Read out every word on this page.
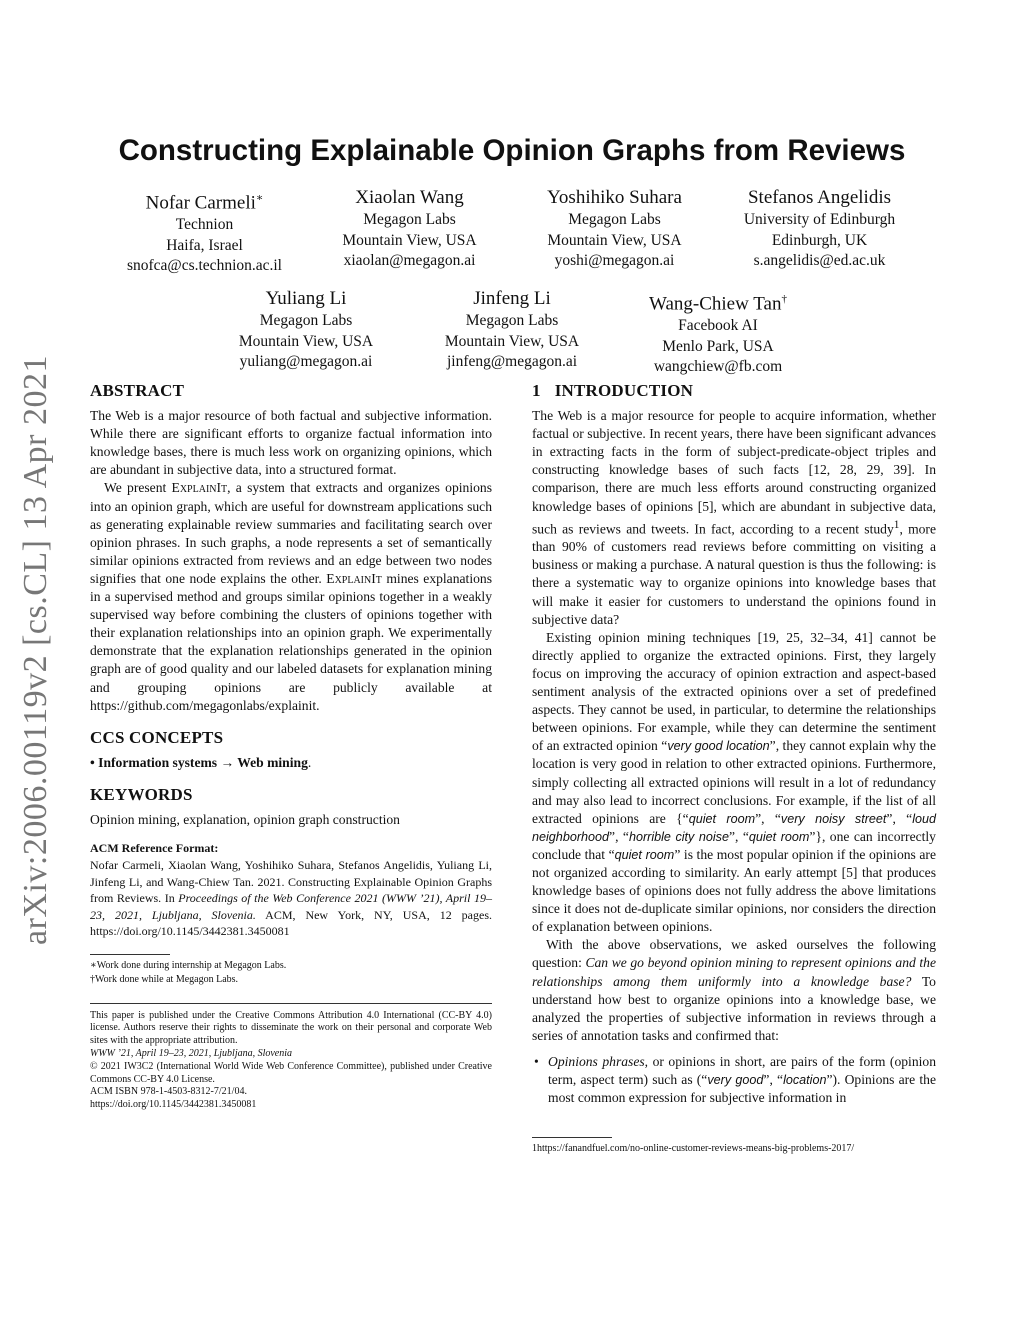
arXiv:2006.00119v2 [cs.CL] 13 Apr 2021
Constructing Explainable Opinion Graphs from Reviews
Nofar Carmeli∗
Technion
Haifa, Israel
snofca@cs.technion.ac.il
Xiaolan Wang
Megagon Labs
Mountain View, USA
xiaolan@megagon.ai
Yoshihiko Suhara
Megagon Labs
Mountain View, USA
yoshi@megagon.ai
Stefanos Angelidis
University of Edinburgh
Edinburgh, UK
s.angelidis@ed.ac.uk
Yuliang Li
Megagon Labs
Mountain View, USA
yuliang@megagon.ai
Jinfeng Li
Megagon Labs
Mountain View, USA
jinfeng@megagon.ai
Wang-Chiew Tan†
Facebook AI
Menlo Park, USA
wangchiew@fb.com
ABSTRACT

The Web is a major resource of both factual and subjective information. While there are significant efforts to organize factual information into knowledge bases, there is much less work on organizing opinions, which are abundant in subjective data, into a structured format.

We present ExplainIt, a system that extracts and organizes opinions into an opinion graph, which are useful for downstream applications such as generating explainable review summaries and facilitating search over opinion phrases. In such graphs, a node represents a set of semantically similar opinions extracted from reviews and an edge between two nodes signifies that one node explains the other. ExplainIt mines explanations in a supervised method and groups similar opinions together in a weakly supervised way before combining the clusters of opinions together with their explanation relationships into an opinion graph. We experimentally demonstrate that the explanation relationships generated in the opinion graph are of good quality and our labeled datasets for explanation mining and grouping opinions are publicly available at https://github.com/megagonlabs/explainit.

CCS CONCEPTS

• Information systems → Web mining.

KEYWORDS

Opinion mining, explanation, opinion graph construction

ACM Reference Format:

Nofar Carmeli, Xiaolan Wang, Yoshihiko Suhara, Stefanos Angelidis, Yuliang Li, Jinfeng Li, and Wang-Chiew Tan. 2021. Constructing Explainable Opinion Graphs from Reviews. In Proceedings of the Web Conference 2021 (WWW ’21), April 19–23, 2021, Ljubljana, Slovenia. ACM, New York, NY, USA, 12 pages. https://doi.org/10.1145/3442381.3450081

∗Work done during internship at Megagon Labs.
†Work done while at Megagon Labs.
This paper is published under the Creative Commons Attribution 4.0 International (CC-BY 4.0) license. Authors reserve their rights to disseminate the work on their personal and corporate Web sites with the appropriate attribution.
WWW ’21, April 19–23, 2021, Ljubljana, Slovenia
© 2021 IW3C2 (International World Wide Web Conference Committee), published under Creative Commons CC-BY 4.0 License.
ACM ISBN 978-1-4503-8312-7/21/04.
https://doi.org/10.1145/3442381.3450081
1 INTRODUCTION

The Web is a major resource for people to acquire information, whether factual or subjective. In recent years, there have been significant advances in extracting facts in the form of subject-predicate-object triples and constructing knowledge bases of such facts [12, 28, 29, 39]. In comparison, there are much less efforts around constructing organized knowledge bases of opinions [5], which are abundant in subjective data, such as reviews and tweets. In fact, according to a recent study$^1$, more than 90% of customers read reviews before committing on visiting a business or making a purchase. A natural question is thus the following: is there a systematic way to organize opinions into knowledge bases that will make it easier for customers to understand the opinions found in subjective data?

Existing opinion mining techniques [19, 25, 32–34, 41] cannot be directly applied to organize the extracted opinions. First, they largely focus on improving the accuracy of opinion extraction and aspect-based sentiment analysis of the extracted opinions over a set of predefined aspects. They cannot be used, in particular, to determine the relationships between opinions. For example, while they can determine the sentiment of an extracted opinion “very good location”, they cannot explain why the location is very good in relation to other extracted opinions. Furthermore, simply collecting all extracted opinions will result in a lot of redundancy and may also lead to incorrect conclusions. For example, if the list of all extracted opinions are {“quiet room”, “very noisy street”, “loud neighborhood”, “horrible city noise”, “quiet room”}, one can incorrectly conclude that “quiet room” is the most popular opinion if the opinions are not organized according to similarity. An early attempt [5] that produces knowledge bases of opinions does not fully address the above limitations since it does not de-duplicate similar opinions, nor considers the direction of explanation between opinions.

With the above observations, we asked ourselves the following question: Can we go beyond opinion mining to represent opinions and the relationships among them uniformly into a knowledge base? To understand how best to organize opinions into a knowledge base, we analyzed the properties of subjective information in reviews through a series of annotation tasks and confirmed that:

• Opinions phrases, or opinions in short, are pairs of the form (opinion term, aspect term) such as (“very good”, “location”). Opinions are the most common expression for subjective information in
1https://fanandfuel.com/no-online-customer-reviews-means-big-problems-2017/
